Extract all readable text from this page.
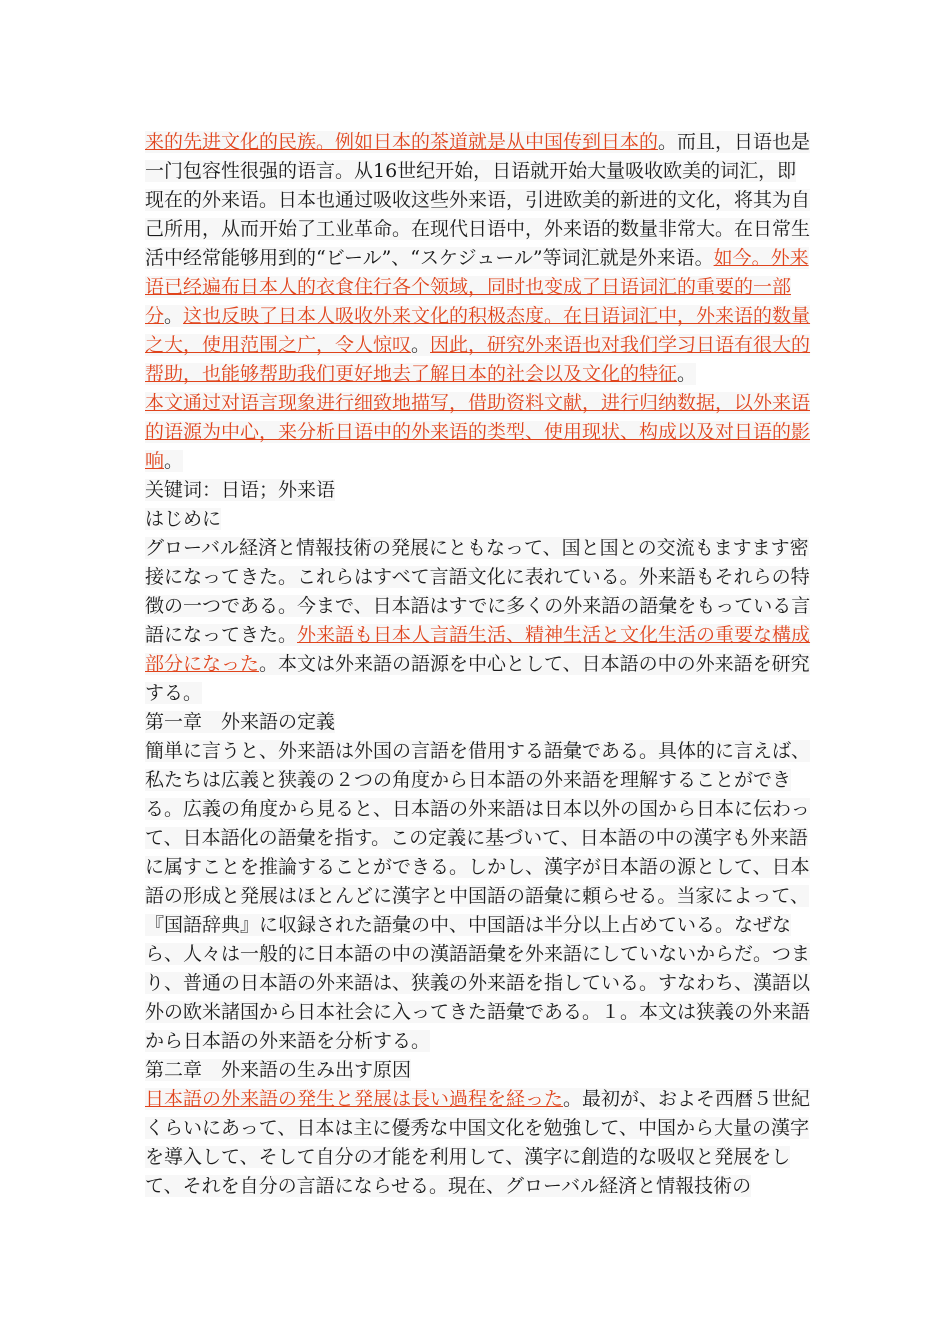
来的先进文化的民族。例如日本的茶道就是从中国传到日本的。而且，日语也是一门包容性很强的语言。从16世纪开始，日语就开始大量吸收欧美的词汇，即现在的外来语。日本也通过吸收这些外来语，引进欧美的新进的文化，将其为自己所用，从而开始了工业革命。在现代日语中，外来语的数量非常大。在日常生活中经常能够用到的“ビール”、“スケジュール”等词汇就是外来语。如今。外来语已经遍布日本人的衣食住行各个领域，同时也变成了日语词汇的重要的一部分。这也反映了日本人吸收外来文化的积极态度。在日语词汇中，外来语的数量之大，使用范围之广，令人惊叹。因此，研究外来语也对我们学习日语有很大的帮助，也能够帮助我们更好地去了解日本的社会以及文化的特征。

本文通过对语言现象进行细致地描写，借助资料文献，进行归纳数据，以外来语的语源为中心，来分析日语中的外来语的类型、使用现状、构成以及对日语的影响。

关键词：日语；外来语

はじめに

グローバル経済と情報技術の発展にともなって、国と国との交流もますます密接になってきた。これらはすべて言語文化に表れている。外来語もそれらの特徴の一つである。今まで、日本語はすでに多くの外来語の語彙をもっている言語になってきた。外来語も日本人言語生活、精神生活と文化生活の重要な構成部分になった。本文は外来語の語源を中心として、日本語の中の外来語を研究する。

第一章　外来語の定義

簡単に言うと、外来語は外国の言語を借用する語彙である。具体的に言えば、私たちは広義と狭義の２つの角度から日本語の外来語を理解することができる。広義の角度から見ると、日本語の外来語は日本以外の国から日本に伝わって、日本語化の語彙を指す。この定義に基づいて、日本語の中の漢字も外来語に属すことを推論することができる。しかし、漢字が日本語の源として、日本語の形成と発展はほとんどに漢字と中国語の語彙に頼らせる。当家によって、『国語辞典』に収録された語彙の中、中国語は半分以上占めている。なぜなら、人々は一般的に日本語の中の漢語語彙を外来語にしていないからだ。つまり、普通の日本語の外来語は、狭義の外来語を指している。すなわち、漢語以外の欧米諸国から日本社会に入ってきた語彙である。１。本文は狭義の外来語から日本語の外来語を分析する。

第二章　外来語の生み出す原因

日本語の外来語の発生と発展は長い過程を経った。最初が、およそ西暦５世紀くらいにあって、日本は主に優秀な中国文化を勉強して、中国から大量の漢字を導入して、そして自分の才能を利用して、漢字に創造的な吸収と発展をして、それを自分の言語にならせる。現在、グローバル経済と情報技術の
